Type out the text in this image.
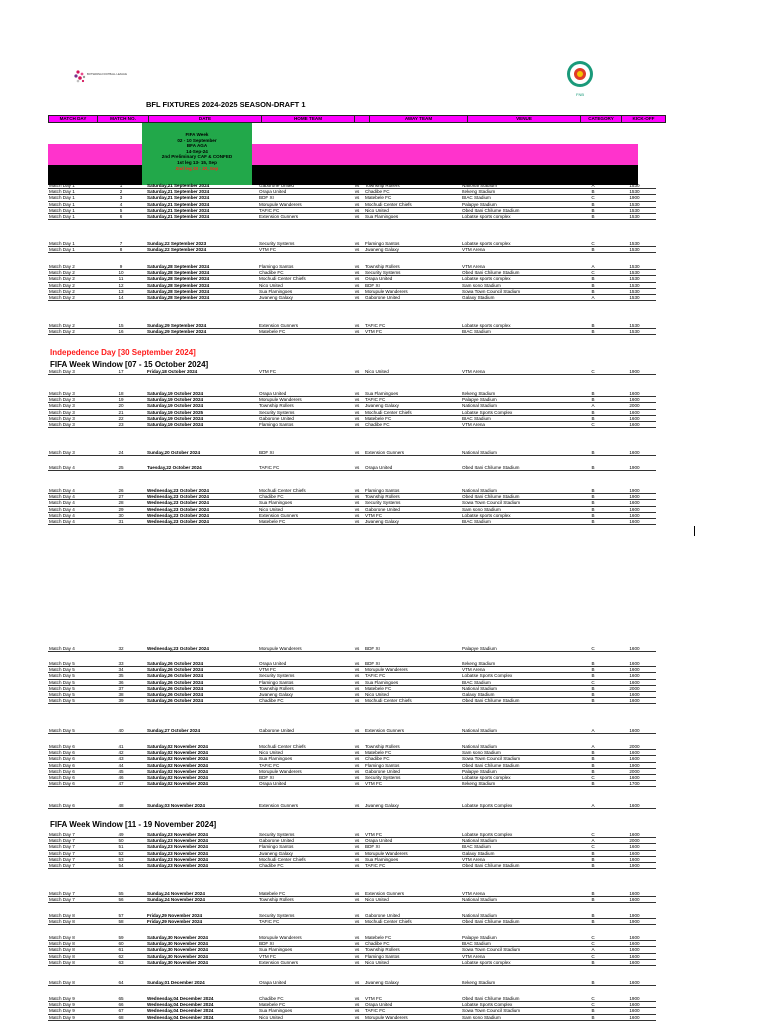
BOTSWANA FOOTBALL LEAGUE
FNB
BFL FIXTURES 2024-2025 SEASON-DRAFT 1
MATCH DAY	MATCH NO.	DATE	HOME TEAM		AWAY TEAM	VENUE	CATEGORY	KICK-OFF
FIFA Week
02 - 10 September
BFA AGA
14-Sep-24
2nd Preliminary CAF & CONFED
1st leg 13- 15, Sep
2nd leg 20 - 22, Sep
Match Day 1	1	Saturday,21 September 2024	Gaborone United	vs	Township Rollers	National Stadium	A	1530
Match Day 1	2	Saturday,21 September 2024	Orapa United	vs	Chadibe FC	Itekeng Stadium	B	1530
Match Day 1	3	Saturday,21 September 2024	BDF XI	vs	Matebele FC	BIAC Stadium	C	1900
Match Day 1	4	Saturday,21 September 2024	Morupule Wanderers	vs	Mochudi Center Chiefs	Palapye Stadium	B	1530
Match Day 1	5	Saturday,21 September 2024	TAFIC FC	vs	Nico United	Obed Itani Chilume Stadium	B	1530
Match Day 1	6	Saturday,21 September 2024	Extension Gunners	vs	Sua Flamingoes	Lobatse sports complex	B	1530
Match Day 1	7	Sunday,22 September 2023	Security Systems	vs	Flamingo Santos	Lobatse sports complex	C	1530
Match Day 1	8	Sunday,22 September 2024	VTM FC	vs	Jwaneng Galaxy	VTM Arena	B	1530
Match Day 2	9	Saturday,28 September 2024	Flamingo Santos	vs	Township Rollers	VTM Arena	A	1530
Match Day 2	10	Saturday,28 September 2024	Chadibe FC	vs	Security Systems	Obed Itani Chilume Stadium	C	1530
Match Day 2	11	Saturday,28 September 2024	Mochudi Center Chiefs	vs	Orapa United	Lobatse sports complex	B	1530
Match Day 2	12	Saturday,28 September 2024	Nico United	vs	BDF XI	Sam sono Stadium	B	1530
Match Day 2	13	Saturday,28 September 2024	Sua Flamingoes	vs	Morupule Wanderers	Sowa Town Council Stadium	B	1530
Match Day 2	14	Saturday,28 September 2024	Jwaneng Galaxy	vs	Gaborone United	Galaxy Stadium	A	1530
Match Day 2	15	Sunday,29 September 2024	Extension Gunners	vs	TAFIC FC	Lobatse sports complex	B	1530
Match Day 2	16	Sunday,29 September 2024	Matebele FC	vs	VTM FC	BIAC Stadium	B	1530
Indepedence Day [30 September 2024]
FIFA Week Window [07 - 15 October 2024]
Match Day 3	17	Friday,18 October 2024	VTM FC	vs	Nico United	VTM Arena	C	1900
Match Day 3	18	Saturday,19 October 2024	Orapa United	vs	Sua Flamingoes	Itekeng Stadium	B	1600
Match Day 3	19	Saturday,19 October 2024	Morupule Wanderers	vs	TAFIC FC	Palapye Stadium	B	1600
Match Day 3	20	Saturday,19 October 2024	Township Rollers	vs	Jwaneng Galaxy	National Stadium	A	2000
Match Day 3	21	Saturday,19 October 2025	Security Systems	vs	Mochudi Center Chiefs	Lobatse Sports Complex	B	1600
Match Day 3	22	Saturday,19 October 2024	Gaborone United	vs	Matebele FC	BIAC Stadium	B	1600
Match Day 3	23	Saturday,19 October 2024	Flamingo Santos	vs	Chadibe FC	VTM Arena	C	1600
Match Day 3	24	Sunday,20 October 2024	BDF XI	vs	Extension Gunners	National Stadium	B	1600
Match Day 4	25	Tuesday,22 October 2024	TAFIC FC	vs	Orapa United	Obed Itani Chilume Stadium	B	1900
Match Day 4	26	Wednesday,23 October 2024	Mochudi Center Chiefs	vs	Flamingo Santos	National Stadium	B	1900
Match Day 4	27	Wednesday,23 October 2024	Chadibe FC	vs	Township Rollers	Obed Itani Chilume Stadium	B	1900
Match Day 4	28	Wednesday,23 October 2024	Sua Flamingoes	vs	Security Systems	Sowa Town Council Stadium	B	1600
Match Day 4	29	Wednesday,23 October 2024	Nico United	vs	Gaborone United	Sam sono Stadium	B	1600
Match Day 4	30	Wednesday,23 October 2024	Extension Gunners	vs	VTM FC	Lobatse sports complex	B	1600
Match Day 4	31	Wednesday,23 October 2024	Matebele FC	vs	Jwaneng Galaxy	BIAC Stadium	B	1600
Match Day 4	32	Wednesday,23 October 2024	Morupule Wanderers	vs	BDF XI	Palapye Stadium	C	1600
Match Day 5	33	Saturday,26 October 2024	Orapa United	vs	BDF XI	Itekeng Stadium	B	1600
Match Day 5	34	Saturday,26 October 2024	VTM FC	vs	Morupule Wanderers	VTM Arena	B	1600
Match Day 5	35	Saturday,26 October 2024	Security Systems	vs	TAFIC FC	Lobatse Sports Complex	B	1600
Match Day 5	36	Saturday,26 October 2024	Flamingo Santos	vs	Sua Flamingoes	BIAC Stadium	C	1600
Match Day 5	37	Saturday,26 October 2024	Township Rollers	vs	Matebele FC	National Stadium	B	2000
Match Day 5	38	Saturday,26 October 2024	Jwaneng Galaxy	vs	Nico United	Galaxy Stadium	B	1600
Match Day 5	39	Saturday,26 October 2024	Chadibe FC	vs	Mochudi Center Chiefs	Obed Itani Chilume Stadium	B	1600
Match Day 5	40	Sunday,27 October 2024	Gaborone United	vs	Extension Gunners	National Stadium	A	1600
Match Day 6	41	Saturday,02 November 2024	Mochudi Center Chiefs	vs	Township Rollers	National Stadium	A	2000
Match Day 6	42	Saturday,02 November 2024	Nico United	vs	Matebele FC	Sam sono Stadium	B	1600
Match Day 6	43	Saturday,02 November 2024	Sua Flamingoes	vs	Chadibe FC	Sowa Town Council Stadium	B	1600
Match Day 6	44	Saturday,02 November 2024	TAFIC FC	vs	Flamingo Santos	Obed Itani Chilume Stadium	B	1900
Match Day 6	45	Saturday,02 November 2024	Morupule Wanderers	vs	Gaborone United	Palapye Stadium	B	2000
Match Day 6	46	Saturday,02 November 2024	BDF XI	vs	Security Systems	Lobatse sports complex	C	1600
Match Day 6	47	Saturday,02 November 2024	Orapa United	vs	VTM FC	Itekeng Stadium	B	1700
Match Day 6	48	Sunday,03 November 2024	Extension Gunners	vs	Jwaneng Galaxy	Lobatse Sports Complex	A	1600
FIFA Week Window [11 - 19 November 2024]
Match Day 7	49	Saturday,23 November 2024	Security Systems	vs	VTM FC	Lobatse Sports Complex	C	1600
Match Day 7	50	Saturday,23 November 2024	Gaborone United	vs	Orapa United	National Stadium	A	2000
Match Day 7	51	Saturday,23 November 2024	Flamingo Santos	vs	BDF XI	BIAC Stadium	C	1600
Match Day 7	52	Saturday,23 November 2024	Jwaneng Galaxy	vs	Morupule Wanderers	Galaxy Stadium	B	1600
Match Day 7	53	Saturday,23 November 2024	Mochudi Center Chiefs	vs	Sua Flamingoes	VTM Arena	B	1600
Match Day 7	54	Saturday,23 November 2024	Chadibe FC	vs	TAFIC FC	Obed Itani Chilume Stadium	B	1900
Match Day 7	55	Sunday,24 November 2024	Matebele FC	vs	Extension Gunners	VTM Arena	B	1600
Match Day 7	56	Sunday,24 November 2024	Township Rollers	vs	Nico United	National Stadium	B	1600
Match Day 8	57	Friday,29 November 2024	Security Systems	vs	Gaborone United	National Stadium	B	1900
Match Day 8	58	Friday,29 November 2024	TAFIC FC	vs	Mochudi Center Chiefs	Obed Itani Chilume Stadium	B	1900
Match Day 8	59	Saturday,30 November 2024	Morupule Wanderers	vs	Matebele FC	Palapye Stadium	C	1600
Match Day 8	60	Saturday,30 November 2024	BDF XI	vs	Chadibe FC	BIAC Stadium	C	1600
Match Day 8	61	Saturday,30 November 2024	Sua Flamingoes	vs	Township Rollers	Sowa Town Council Stadium	A	1600
Match Day 8	62	Saturday,30 November 2024	VTM FC	vs	Flamingo Santos	VTM Arena	C	1600
Match Day 8	63	Saturday,30 November 2024	Extension Gunners	vs	Nico United	Lobatse sports complex	B	1600
Match Day 8	64	Sunday,01 December 2024	Orapa United	vs	Jwaneng Galaxy	Itekeng Stadium	B	1600
Match Day 9	65	Wednesday,04 December 2024	Chadibe FC	vs	VTM FC	Obed Itani Chilume Stadium	C	1900
Match Day 9	66	Wednesday,04 December 2024	Matebele FC	vs	Orapa United	Lobatse Sports Complex	C	1600
Match Day 9	67	Wednesday,04 December 2024	Sua Flamingoes	vs	TAFIC FC	Sowa Town Council Stadium	B	1600
Match Day 9	68	Wednesday,04 December 2024	Nico United	vs	Morupule Wanderers	Sam sono Stadium	B	1600
